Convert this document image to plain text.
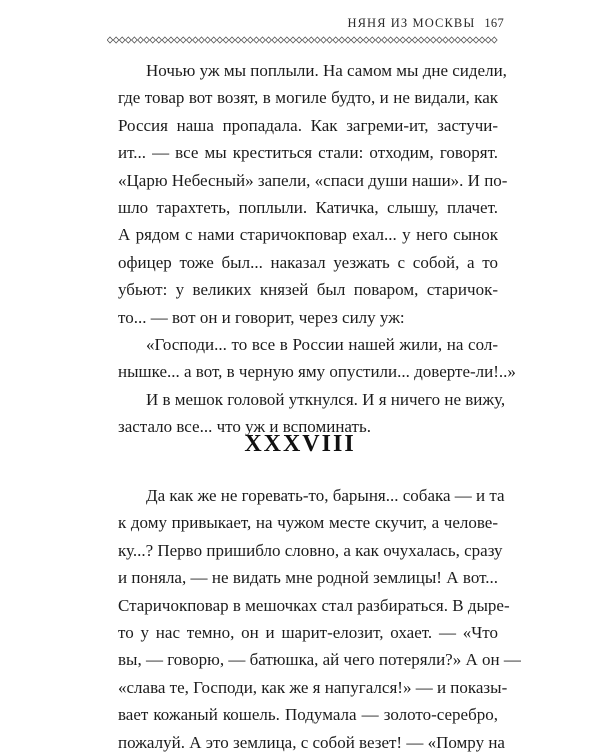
НЯНЯ ИЗ МОСКВЫ 167

Ночью уж мы поплыли. На самом мы дне сидели,
где товар вот возят, в могиле будто, и не видали, как
Россия наша пропадала. Как загреми-ит, застучи-
ит... — все мы креститься стали: отходим, говорят.
«Царю Небесный» запели, «спаси души наши». И по-
шло тарахтеть, поплыли. Катичка, слышу, плачет.
А рядом с нами старичокповар ехал... у него сынок
офицер тоже был... наказал уезжать с собой, а то
убьют: у великих князей был поваром, старичок-
то... — вот он и говорит, через силу уж:

«Господи... то все в России нашей жили, на сол-
нышке... а вот, в черную яму опустили... доверте-ли!..»

И в мешок головой уткнулся. И я ничего не вижу,
застало все... что уж и вспоминать.

XXXVIII

Да как же не горевать-то, барыня... собака — и та
к дому привыкает, на чужом месте скучит, а челове-
ку...? Перво пришибло словно, а как очухалась, сразу
и поняла, — не видать мне родной землицы! А вот...
Старичокповар в мешочках стал разбираться. В дыре-
то у нас темно, он и шарит-елозит, охает. — «Что
вы, — говорю, — батюшка, ай чего потеряли?» А он —
«слава те, Господи, как же я напугался!» — и показы-
вает кожаный кошель. Подумала — золото-серебро,
пожалуй. А это землица, с собой везет! — «Помру на
